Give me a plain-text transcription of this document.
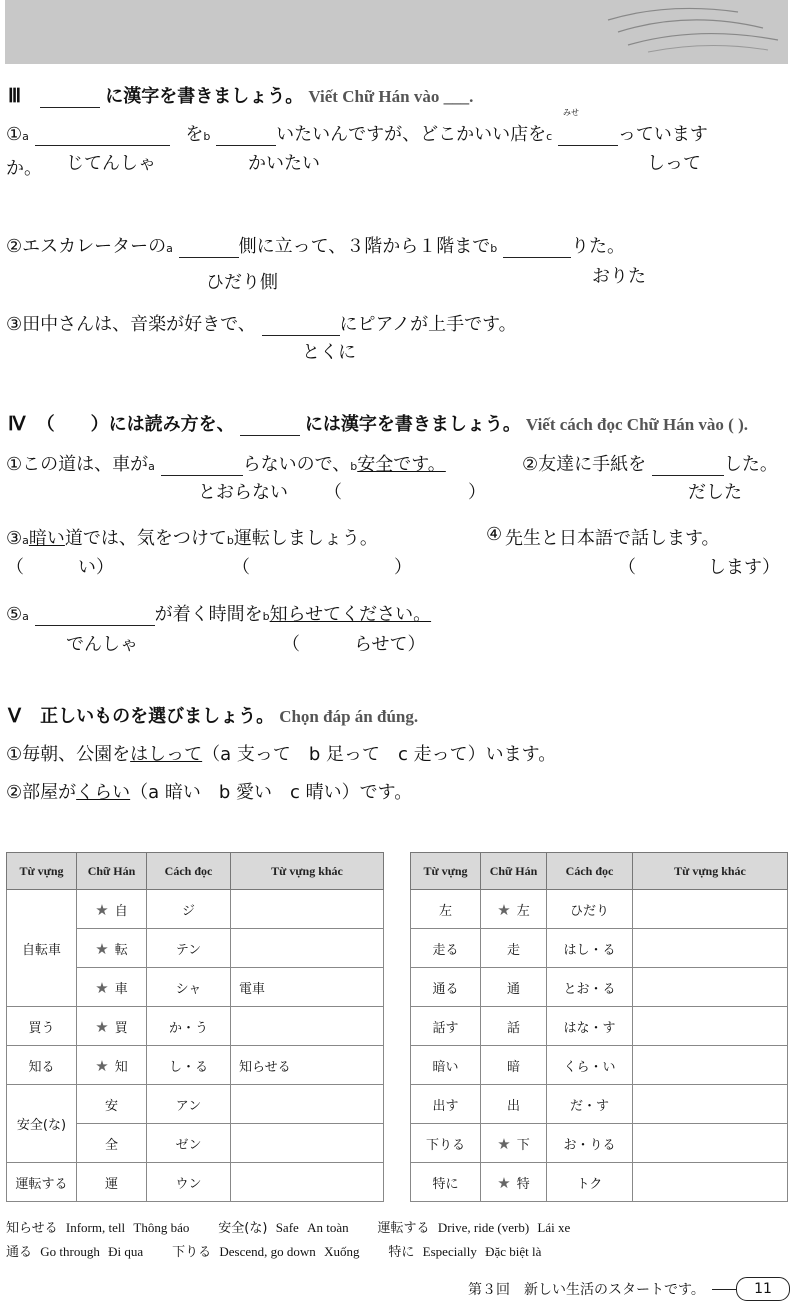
Ⅲ	に漢字を書きましょう。 Viết Chữ Hán vào ___.
①a	をb	いたいんですが、どこかいい店をc	っています
みせ
か。 じてんしゃ	かいたい	しって
②エスカレーターのa	側に立って、３階から１階までb	りた。
ひだり側	おりた
③田中さんは、音楽が好きで、	にピアノが上手です。
とくに
Ⅳ （　　）には読み方を、	には漢字を書きましょう。 Viết cách đọc Chữ Hán vào ( ).
①この道は、車がa	らないので、b安全です。	②友達に手紙を	した。
とおらない （　　　　　　　）	だした
③a暗い道では、気をつけてb運転しましょう。	先生と日本語で話します。
④
（　　　い）	（　　　　　　　　）	（　　　　します）
⑤a	が着く時間をb知らせてください。
でんしゃ	（　　　らせて）
Ⅴ 正しいものを選びましょう。 Chọn đáp án đúng.
①毎朝、公園をはしって（a 支って　b 足って　c 走って）います。
②部屋がくらい（a 暗い　b 愛い　c 晴い）です。
Từ vựng	Chữ Hán	Cách đọc	Từ vựng khác
自転車	★ 自	ジ	
	★ 転	テン	
	★ 車	シャ	電車
買う	★ 買	か・う	
知る	★ 知	し・る	知らせる
安全(な)	安	アン	
	全	ゼン	
運転する	運	ウン	
Từ vựng	Chữ Hán	Cách đọc	Từ vựng khác
左	★ 左	ひだり	
走る	走	はし・る	
通る	通	とお・る	
話す	話	はな・す	
暗い	暗	くら・い	
出す	出	だ・す	
下りる	★ 下	お・りる	
特に	★ 特	トク	
知らせる Inform, tell Thông báo 安全(な) Safe An toàn 運転する Drive, ride (verb) Lái xe
通る Go through Đi qua 下りる Descend, go down Xuống 特に Especially Đặc biệt là
第３回　新しい生活のスタートです。	11
